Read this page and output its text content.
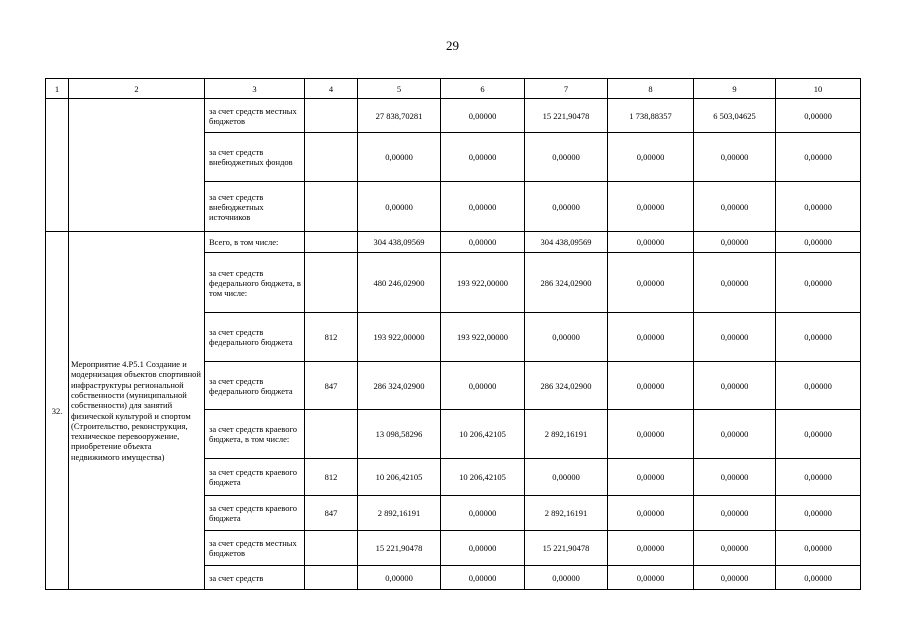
29
1	2	3	4	5	6	7	8	9	10
		за счет средств местных бюджетов		27 838,70281	0,00000	15 221,90478	1 738,88357	6 503,04625	0,00000
		за счет средств внебюджетных фондов		0,00000	0,00000	0,00000	0,00000	0,00000	0,00000
		за счет средств внебюджетных источников		0,00000	0,00000	0,00000	0,00000	0,00000	0,00000
32.	Мероприятие 4.Р5.1 Создание и модернизация объектов спортивной инфраструктуры региональной собственности (муниципальной собственности) для занятий физической культурой и спортом (Строительство, реконструкция, техническое перевооружение, приобретение объекта недвижимого имущества)	Всего, в том числе:		304 438,09569	0,00000	304 438,09569	0,00000	0,00000	0,00000
		за счет средств федерального бюджета, в том числе:		480 246,02900	193 922,00000	286 324,02900	0,00000	0,00000	0,00000
		за счет средств федерального бюджета	812	193 922,00000	193 922,00000	0,00000	0,00000	0,00000	0,00000
		за счет средств федерального бюджета	847	286 324,02900	0,00000	286 324,02900	0,00000	0,00000	0,00000
		за счет средств краевого бюджета, в том числе:		13 098,58296	10 206,42105	2 892,16191	0,00000	0,00000	0,00000
		за счет средств краевого бюджета	812	10 206,42105	10 206,42105	0,00000	0,00000	0,00000	0,00000
		за счет средств краевого бюджета	847	2 892,16191	0,00000	2 892,16191	0,00000	0,00000	0,00000
		за счет средств местных бюджетов		15 221,90478	0,00000	15 221,90478	0,00000	0,00000	0,00000
		за счет средств		0,00000	0,00000	0,00000	0,00000	0,00000	0,00000
